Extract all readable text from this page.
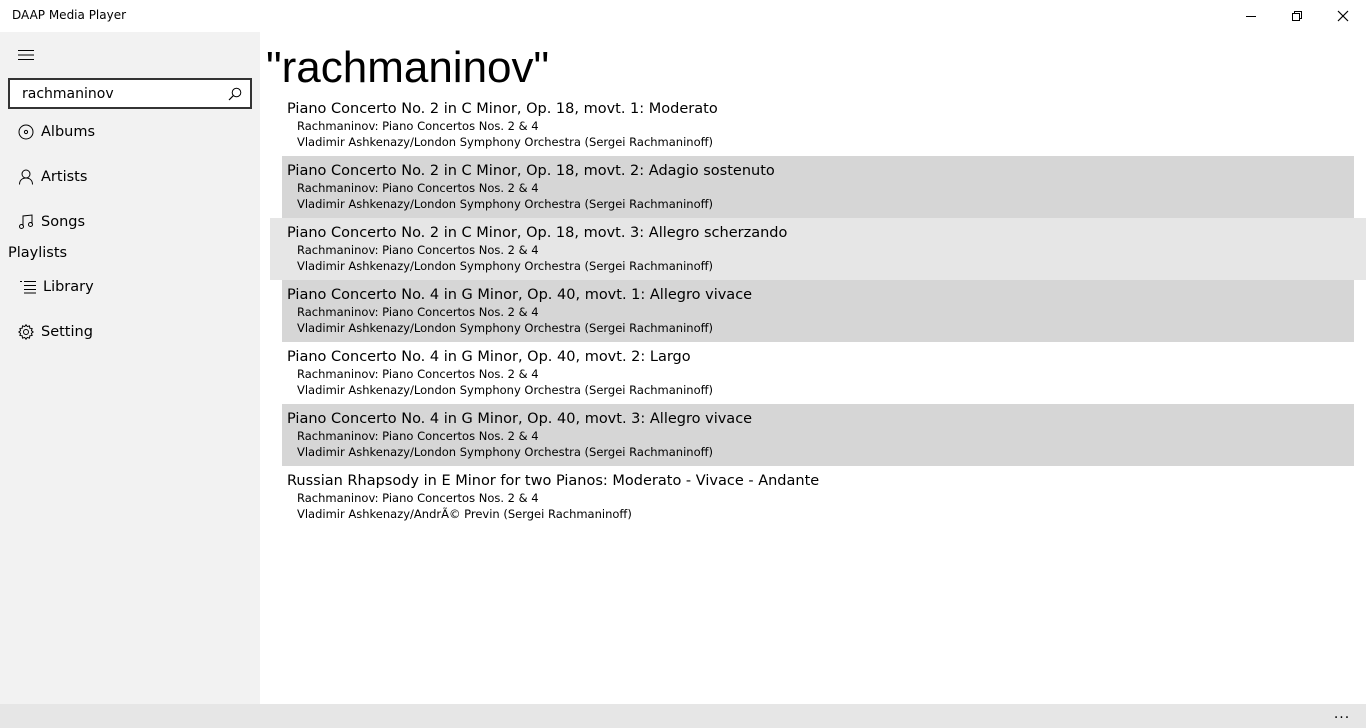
DAAP Media Player
rachmaninov
Albums
Artists
Songs
Playlists
Library
Setting
"rachmaninov"
Piano Concerto No. 2 in C Minor, Op. 18, movt. 1: Moderato
Rachmaninov: Piano Concertos Nos. 2 & 4
Vladimir Ashkenazy/London Symphony Orchestra (Sergei Rachmaninoff)
Piano Concerto No. 2 in C Minor, Op. 18, movt. 2: Adagio sostenuto
Rachmaninov: Piano Concertos Nos. 2 & 4
Vladimir Ashkenazy/London Symphony Orchestra (Sergei Rachmaninoff)
Piano Concerto No. 2 in C Minor, Op. 18, movt. 3: Allegro scherzando
Rachmaninov: Piano Concertos Nos. 2 & 4
Vladimir Ashkenazy/London Symphony Orchestra (Sergei Rachmaninoff)
Piano Concerto No. 4 in G Minor, Op. 40, movt. 1: Allegro vivace
Rachmaninov: Piano Concertos Nos. 2 & 4
Vladimir Ashkenazy/London Symphony Orchestra (Sergei Rachmaninoff)
Piano Concerto No. 4 in G Minor, Op. 40, movt. 2: Largo
Rachmaninov: Piano Concertos Nos. 2 & 4
Vladimir Ashkenazy/London Symphony Orchestra (Sergei Rachmaninoff)
Piano Concerto No. 4 in G Minor, Op. 40, movt. 3: Allegro vivace
Rachmaninov: Piano Concertos Nos. 2 & 4
Vladimir Ashkenazy/London Symphony Orchestra (Sergei Rachmaninoff)
Russian Rhapsody in E Minor for two Pianos: Moderato - Vivace - Andante
Rachmaninov: Piano Concertos Nos. 2 & 4
Vladimir Ashkenazy/AndrÃ© Previn (Sergei Rachmaninoff)
...
